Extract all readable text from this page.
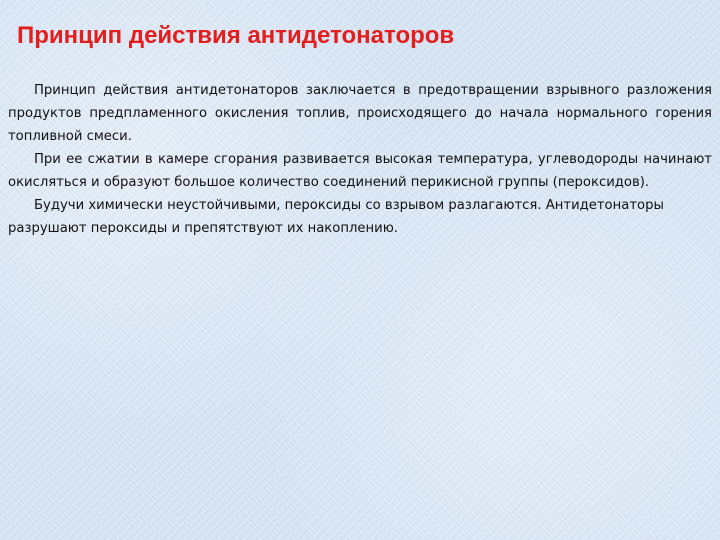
Принцип действия антидетонаторов

Принцип действия антидетонаторов заключается в предотвращении взрывного разложения продуктов предпламенного окисления топлив, происходящего до начала нормального горения топливной смеси.

При ее сжатии в камере сгорания развивается высокая температура, углеводороды начинают окисляться и образуют большое количество соединений перикисной группы (пероксидов).

Будучи химически неустойчивыми, пероксиды со взрывом разлагаются. Антидетонаторы разрушают пероксиды и препятствуют их накоплению.
